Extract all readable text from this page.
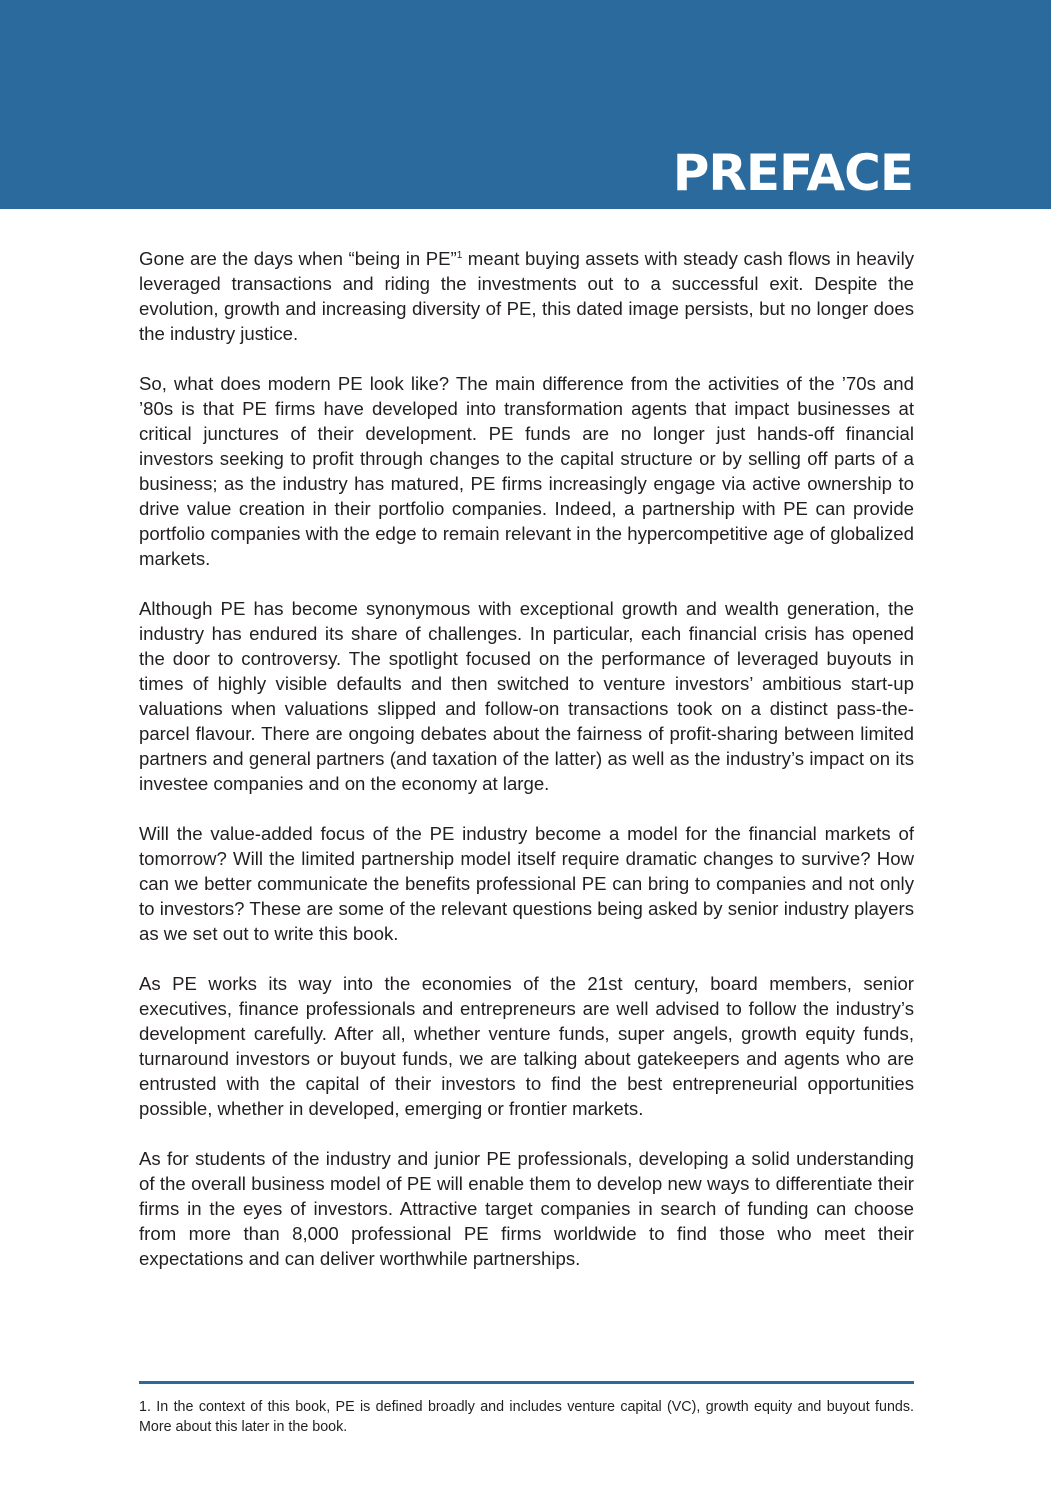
PREFACE

Gone are the days when “being in PE”$^1$ meant buying assets with steady cash flows in heavily leveraged transactions and riding the investments out to a successful exit. Despite the evolution, growth and increasing diversity of PE, this dated image persists, but no longer does the industry justice.

So, what does modern PE look like? The main difference from the activities of the ’70s and ’80s is that PE firms have developed into transformation agents that impact businesses at critical junctures of their development. PE funds are no longer just hands-off financial investors seeking to profit through changes to the capital structure or by selling off parts of a business; as the industry has matured, PE firms increasingly engage via active ownership to drive value creation in their portfolio companies. Indeed, a partnership with PE can provide portfolio companies with the edge to remain relevant in the hypercompetitive age of globalized markets.

Although PE has become synonymous with exceptional growth and wealth generation, the industry has endured its share of challenges. In particular, each financial crisis has opened the door to controversy. The spotlight focused on the performance of leveraged buyouts in times of highly visible defaults and then switched to venture investors’ ambitious start-up valuations when valuations slipped and follow-on transactions took on a distinct pass-the-parcel flavour. There are ongoing debates about the fairness of profit-sharing between limited partners and general partners (and taxation of the latter) as well as the industry’s impact on its investee companies and on the economy at large.

Will the value-added focus of the PE industry become a model for the financial markets of tomorrow? Will the limited partnership model itself require dramatic changes to survive? How can we better communicate the benefits professional PE can bring to companies and not only to investors? These are some of the relevant questions being asked by senior industry players as we set out to write this book.

As PE works its way into the economies of the 21st century, board members, senior executives, finance professionals and entrepreneurs are well advised to follow the industry’s development carefully. After all, whether venture funds, super angels, growth equity funds, turnaround investors or buyout funds, we are talking about gatekeepers and agents who are entrusted with the capital of their investors to find the best entrepreneurial opportunities possible, whether in developed, emerging or frontier markets.

As for students of the industry and junior PE professionals, developing a solid understanding of the overall business model of PE will enable them to develop new ways to differentiate their firms in the eyes of investors. Attractive target companies in search of funding can choose from more than 8,000 professional PE firms worldwide to find those who meet their expectations and can deliver worthwhile partnerships.

1. In the context of this book, PE is defined broadly and includes venture capital (VC), growth equity and buyout funds. More about this later in the book.
